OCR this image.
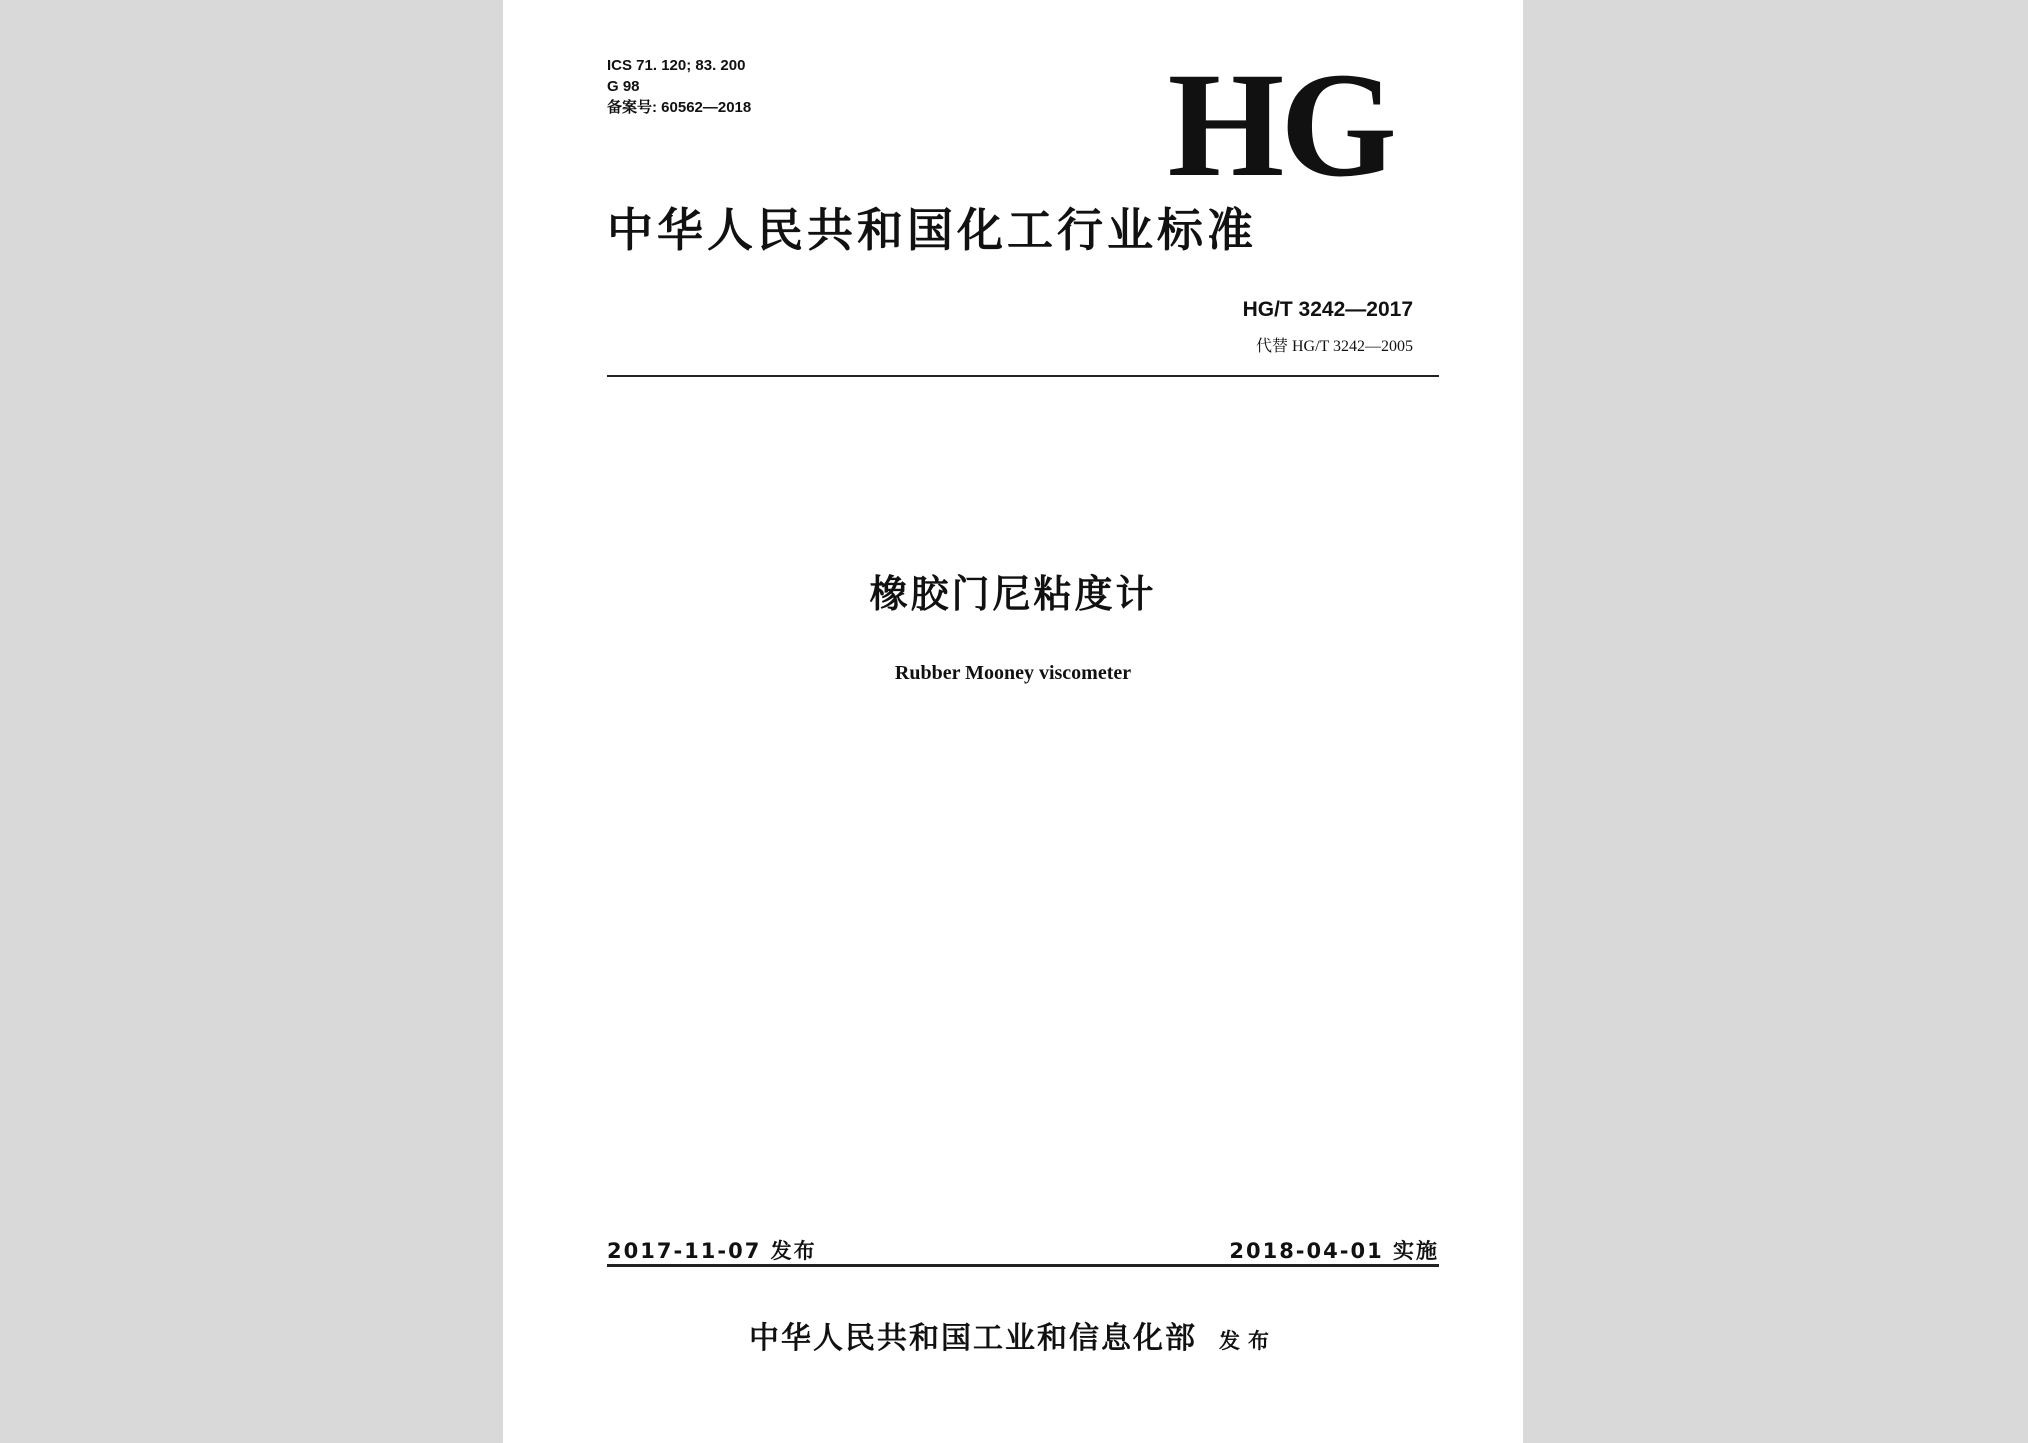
ICS 71. 120; 83. 200
G 98
备案号: 60562—2018	HG
中华人民共和国化工行业标准
HG/T 3242—2017
代替 HG/T 3242—2005
橡胶门尼粘度计
Rubber Mooney viscometer
2017-11-07 发布	2018-04-01 实施
中华人民共和国工业和信息化部 发布
